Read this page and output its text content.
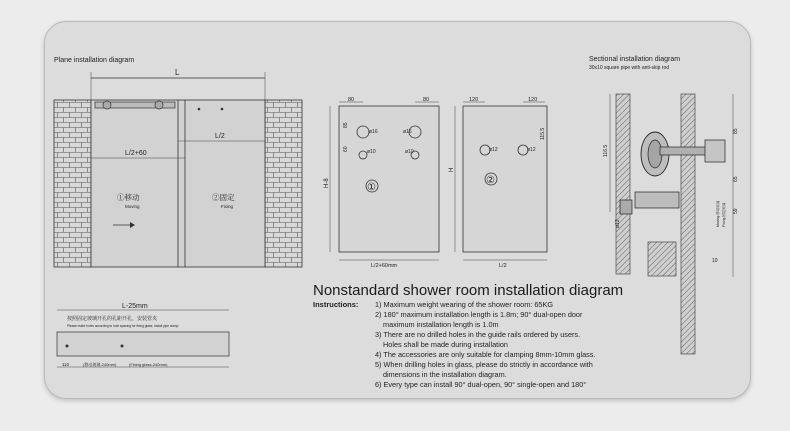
Plane installation diagram
L
L/2
L/2+60
①移动
Moving
②固定
Fixing
80	80
ø16	ø16
ø10	ø10
85
60
H-8	①
L/2+60mm
120	120
ø12	ø12
115.5
H
②
L/2
Sectional installation diagram
30x10 square pipe with anti-skip rod
116.5
85
65
59
ø12
10
Moving 移动玻璃 Fixing 固定玻璃
L-25mm
按照固定玻璃开孔的孔距开孔，安装管夹
Please make holes according to hole spacing for fixing glass; install pipe clamp
110	(移动玻璃-240mm)	(Fixing glass-240mm)
Nonstandard shower room installation diagram
Instructions: 1) Maximum weight wearing of the shower room: 65KG
2) 180° maximum installation length is 1.8m; 90° dual-open door
maximum installation length is 1.0m
3) There are no drilled holes in the guide rails ordered by users.
Holes shall be made during installation
4) The accessories are only suitable for clamping 8mm-10mm glass.
5) When drilling holes in glass, please do strictly in accordance with
dimensions in the installation diagram.
6) Every type can install 90° dual-open, 90° single-open and 180°
